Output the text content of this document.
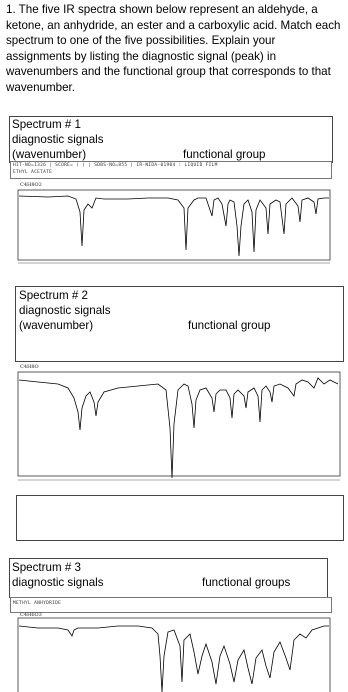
1. The five IR spectra shown below represent an aldehyde, a ketone, an anhydride, an ester and a carboxylic acid. Match each spectrum to one of the five possibilities. Explain your assignments by listing the diagnostic signal (peak) in wavenumbers and the functional group that corresponds to that wavenumber.
Spectrum # 1
diagnostic signals
(wavenumber)	functional group
HIT-NO=1326 | SCORE= ( ) | SDBS-NO=855 | IR-NIDA-01904 : LIQUID FILM
ETHYL ACETATE
C4H8O2
Spectrum # 2
diagnostic signals
(wavenumber)	functional group
C4H8O
Spectrum # 3
diagnostic signals	functional groups
METHYL ANHYDRIDE
C4H6O3
